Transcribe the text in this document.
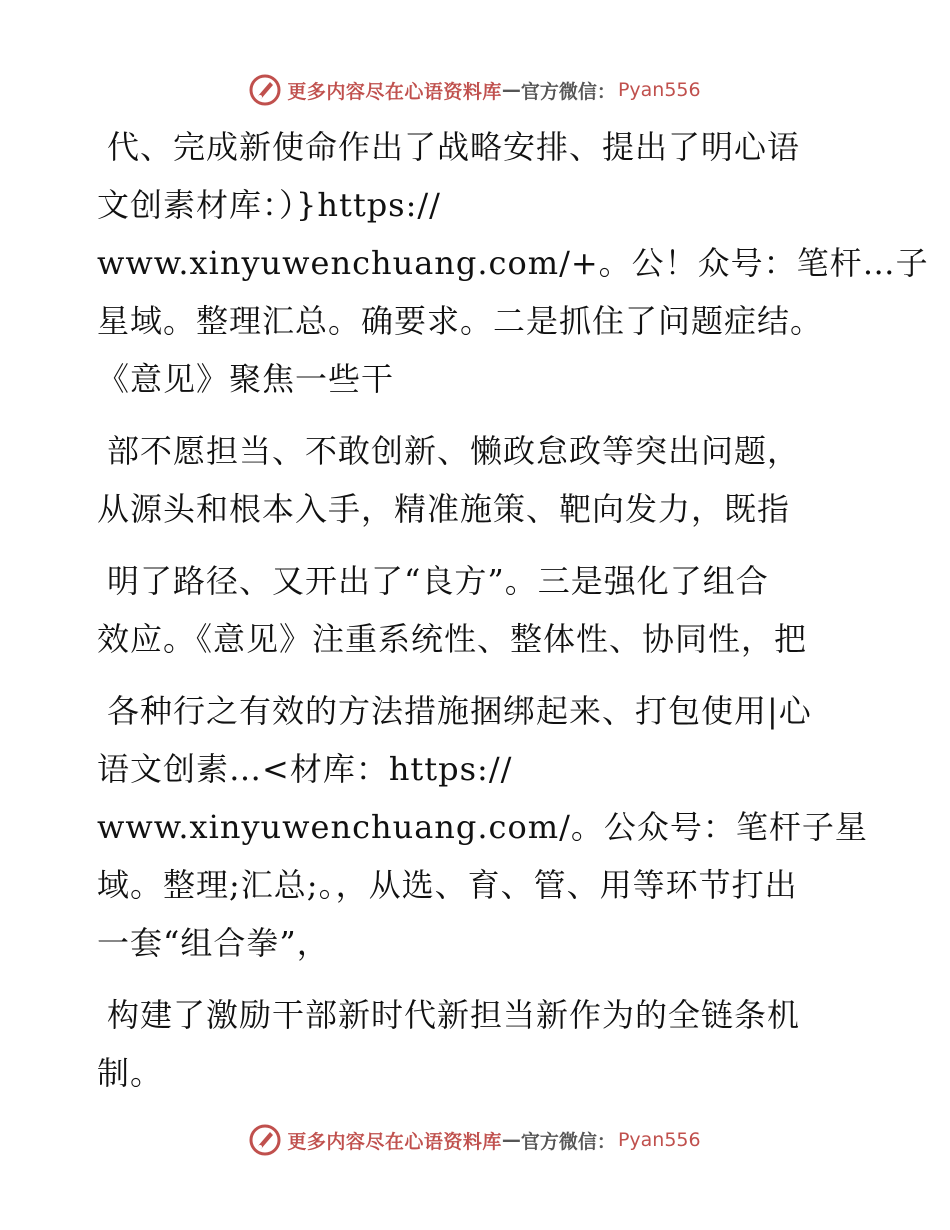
更多内容尽在心语资料库 — 官方微信： Pyan556
代、完成新使命作出了战略安排、提出了明心语
文创素材库：）}https://
www.xinyuwenchuang.com/+。公！众号：笔杆…子
星域。整理汇总。确要求。二是抓住了问题症结。
《意见》聚焦一些干
部不愿担当、不敢创新、懒政怠政等突出问题，
从源头和根本入手，精准施策、靶向发力，既指
明了路径、又开出了“良方”。三是强化了组合
效应。《意见》注重系统性、整体性、协同性，把
各种行之有效的方法措施捆绑起来、打包使用|心
语文创素…<材库：https://
www.xinyuwenchuang.com/。公众号：笔杆子星
域。整理;汇总;。，从选、育、管、用等环节打出
一套“组合拳”，
构建了激励干部新时代新担当新作为的全链条机
制。
更多内容尽在心语资料库 — 官方微信： Pyan556
